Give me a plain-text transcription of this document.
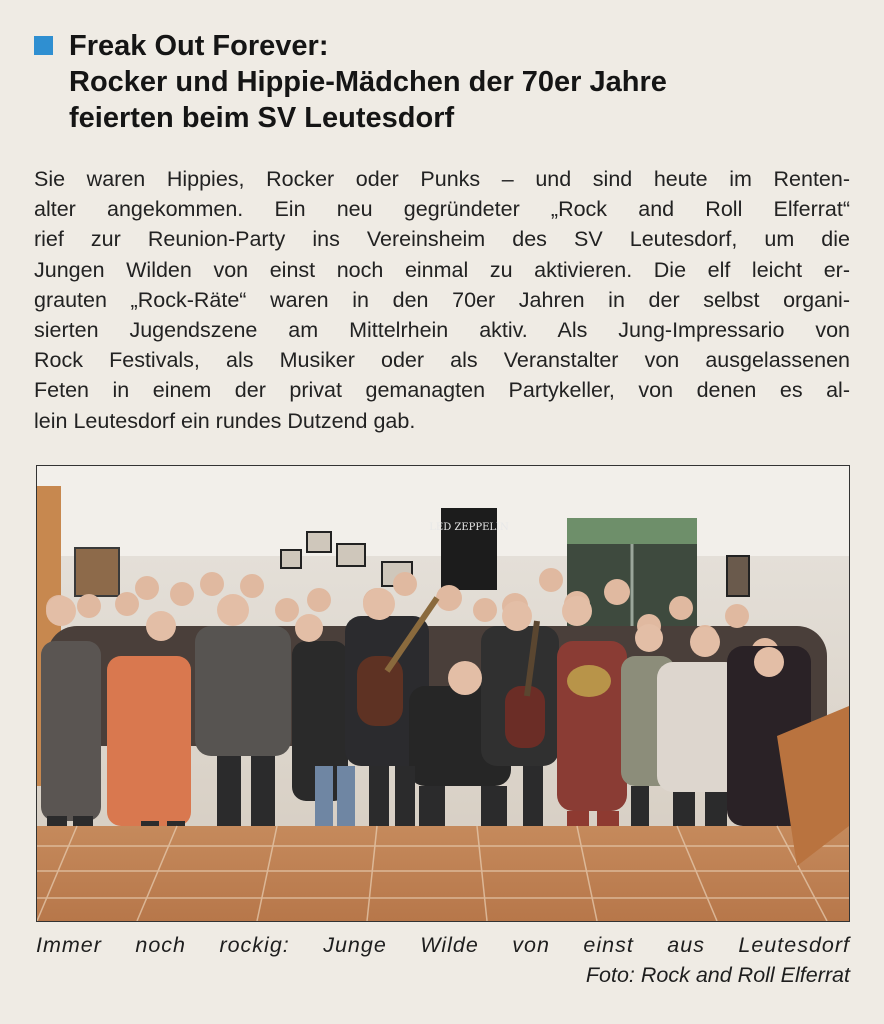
Freak Out Forever:
Rocker und Hippie-Mädchen der 70er Jahre
feierten beim SV Leutesdorf
Sie waren Hippies, Rocker oder Punks – und sind heute im Renten-
alter angekommen. Ein neu gegründeter „Rock and Roll Elferrat“
rief zur Reunion-Party ins Vereinsheim des SV Leutesdorf, um die
Jungen Wilden von einst noch einmal zu aktivieren. Die elf leicht er-
grauten „Rock-Räte“ waren in den 70er Jahren in der selbst organi-
sierten Jugendszene am Mittelrhein aktiv. Als Jung-Impressario von
Rock Festivals, als Musiker oder als Veranstalter von ausgelassenen
Feten in einem der privat gemanagten Partykeller, von denen es al-
lein Leutesdorf ein rundes Dutzend gab.
LED ZEPPELIN
Immer noch rockig: Junge Wilde von einst aus Leutesdorf
Foto: Rock and Roll Elferrat
